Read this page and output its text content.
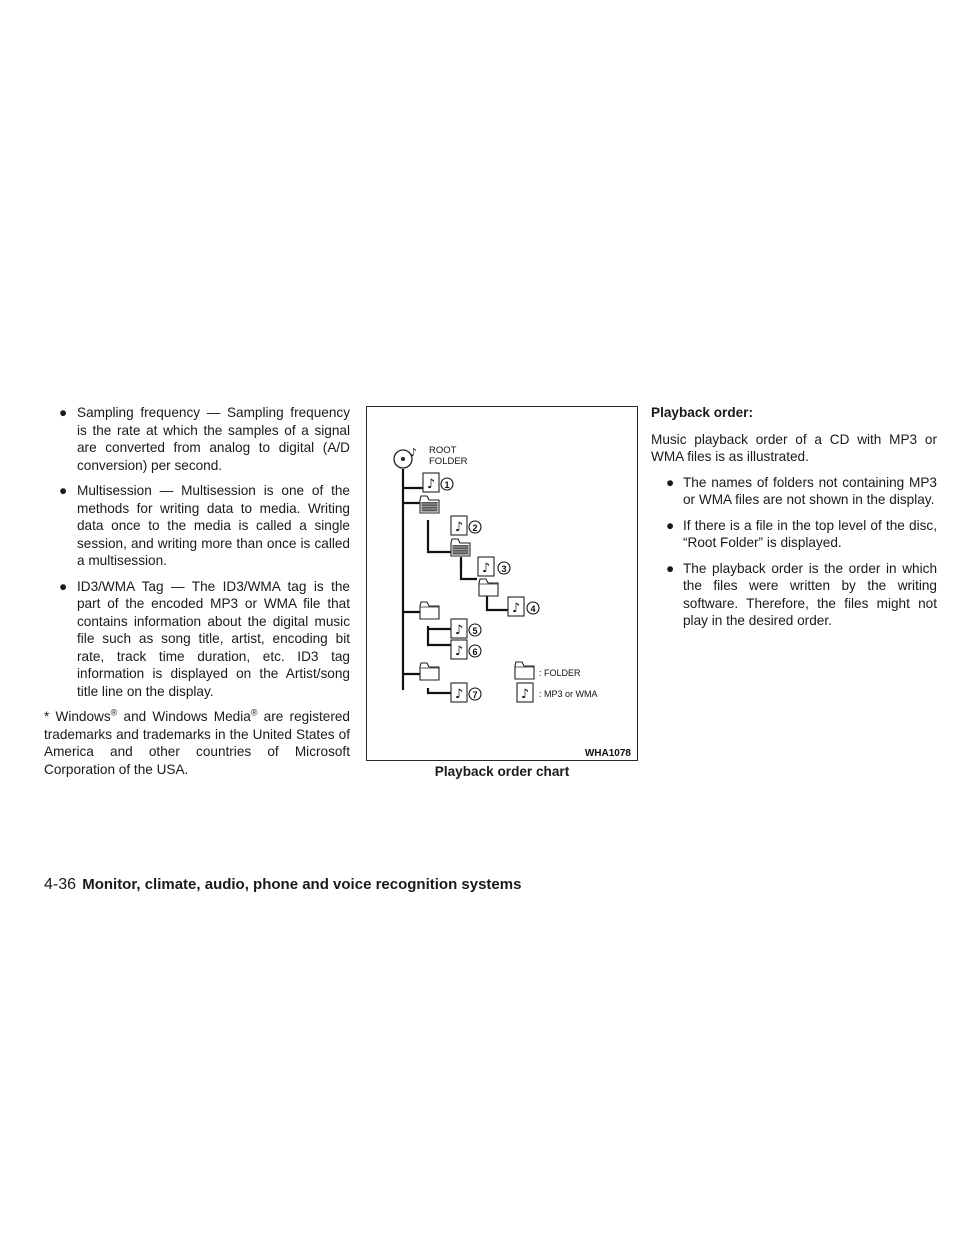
● Sampling frequency — Sampling frequency is the rate at which the samples of a signal are converted from analog to digital (A/D conversion) per second.
● Multisession — Multisession is one of the methods for writing data to media. Writing data once to the media is called a single session, and writing more than once is called a multisession.
● ID3/WMA Tag — The ID3/WMA tag is the part of the encoded MP3 or WMA file that contains information about the digital music file such as song title, artist, encoding bit rate, track time duration, etc. ID3 tag information is displayed on the Artist/song title line on the display.

* Windows® and Windows Media® are registered trademarks and trademarks in the United States of America and other countries of Microsoft Corporation of the USA.

♪
♪ ROOT
FOLDER
1
2
3
4
5
6
7
: FOLDER
: MP3 or WMA
WHA1078
Playback order chart
Playback order:

Music playback order of a CD with MP3 or WMA files is as illustrated.

● The names of folders not containing MP3 or WMA files are not shown in the display.
● If there is a file in the top level of the disc, “Root Folder” is displayed.
● The playback order is the order in which the files were written by the writing software. Therefore, the files might not play in the desired order.
4-36 Monitor, climate, audio, phone and voice recognition systems
